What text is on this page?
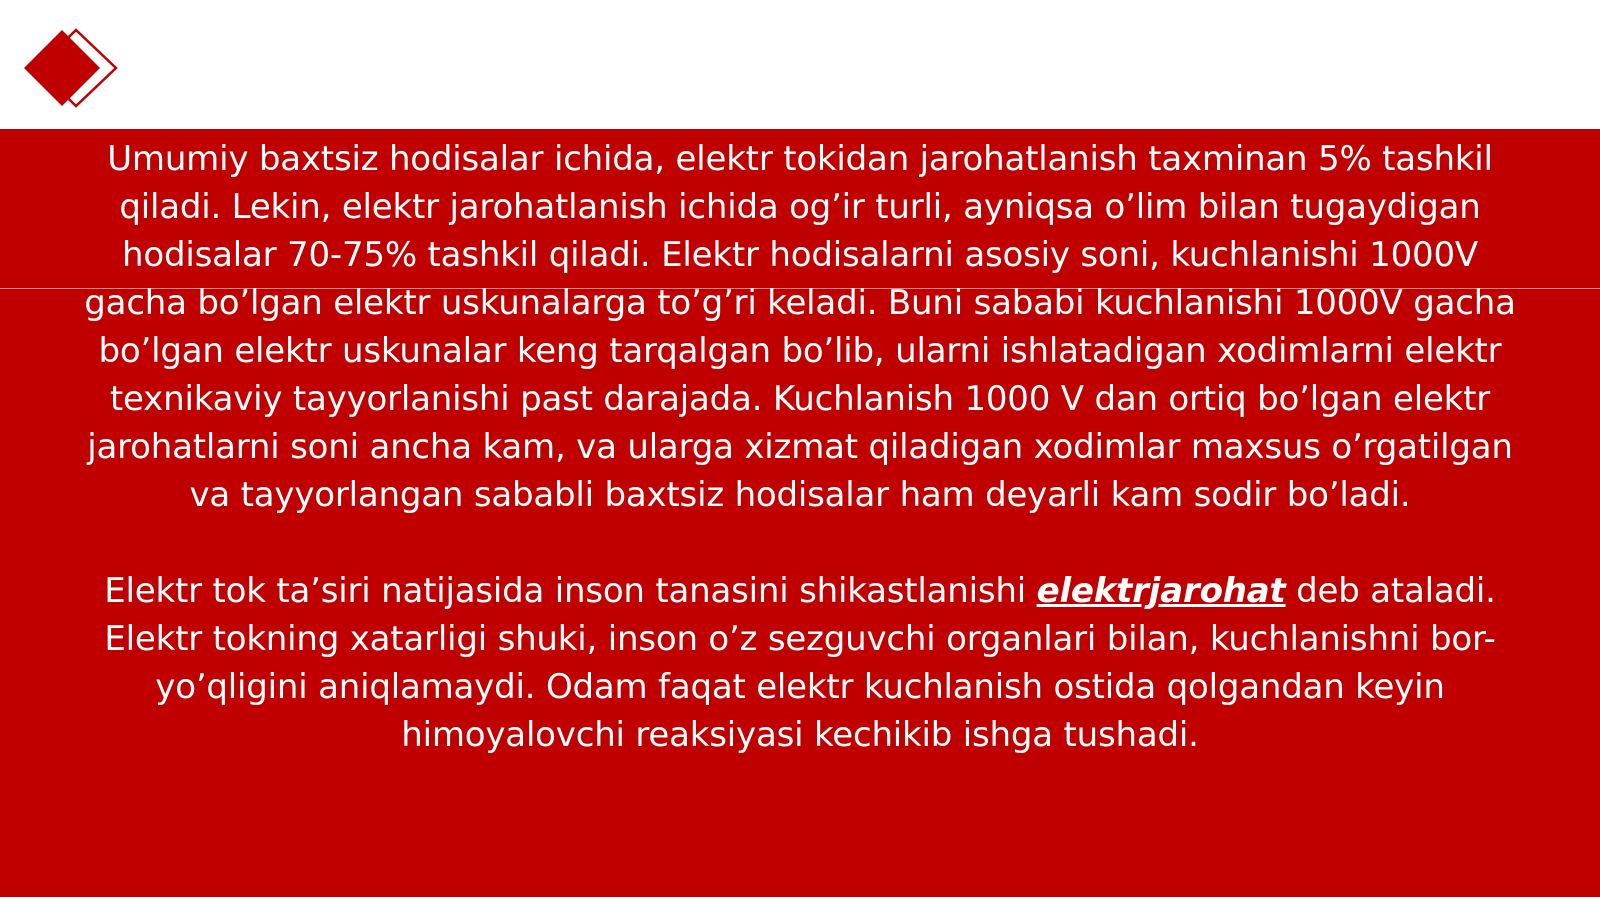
Umumiy baxtsiz hodisalar ichida, elektr tokidan jarohatlanish taxminan 5% tashkil qiladi. Lekin, elektr jarohatlanish ichida og’ir turli, ayniqsa o’lim bilan tugaydigan hodisalar 70-75% tashkil qiladi. Elektr hodisalarni asosiy soni, kuchlanishi 1000V gacha bo’lgan elektr uskunalarga to’g’ri keladi. Buni sababi kuchlanishi 1000V gacha bo’lgan elektr uskunalar keng tarqalgan bo’lib, ularni ishlatadigan xodimlarni elektr texnikaviy tayyorlanishi past darajada. Kuchlanish 1000 V dan ortiq bo’lgan elektr jarohatlarni soni ancha kam, va ularga xizmat qiladigan xodimlar maxsus o’rgatilgan va tayyorlangan sababli baxtsiz hodisalar ham deyarli kam sodir bo’ladi.

Elektr tok ta’siri natijasida inson tanasini shikastlanishi elektrjarohat deb ataladi. Elektr tokning xatarligi shuki, inson o’z sezguvchi organlari bilan, kuchlanishni bor-yo’qligini aniqlamaydi. Odam faqat elektr kuchlanish ostida qolgandan keyin himoyalovchi reaksiyasi kechikib ishga tushadi.
